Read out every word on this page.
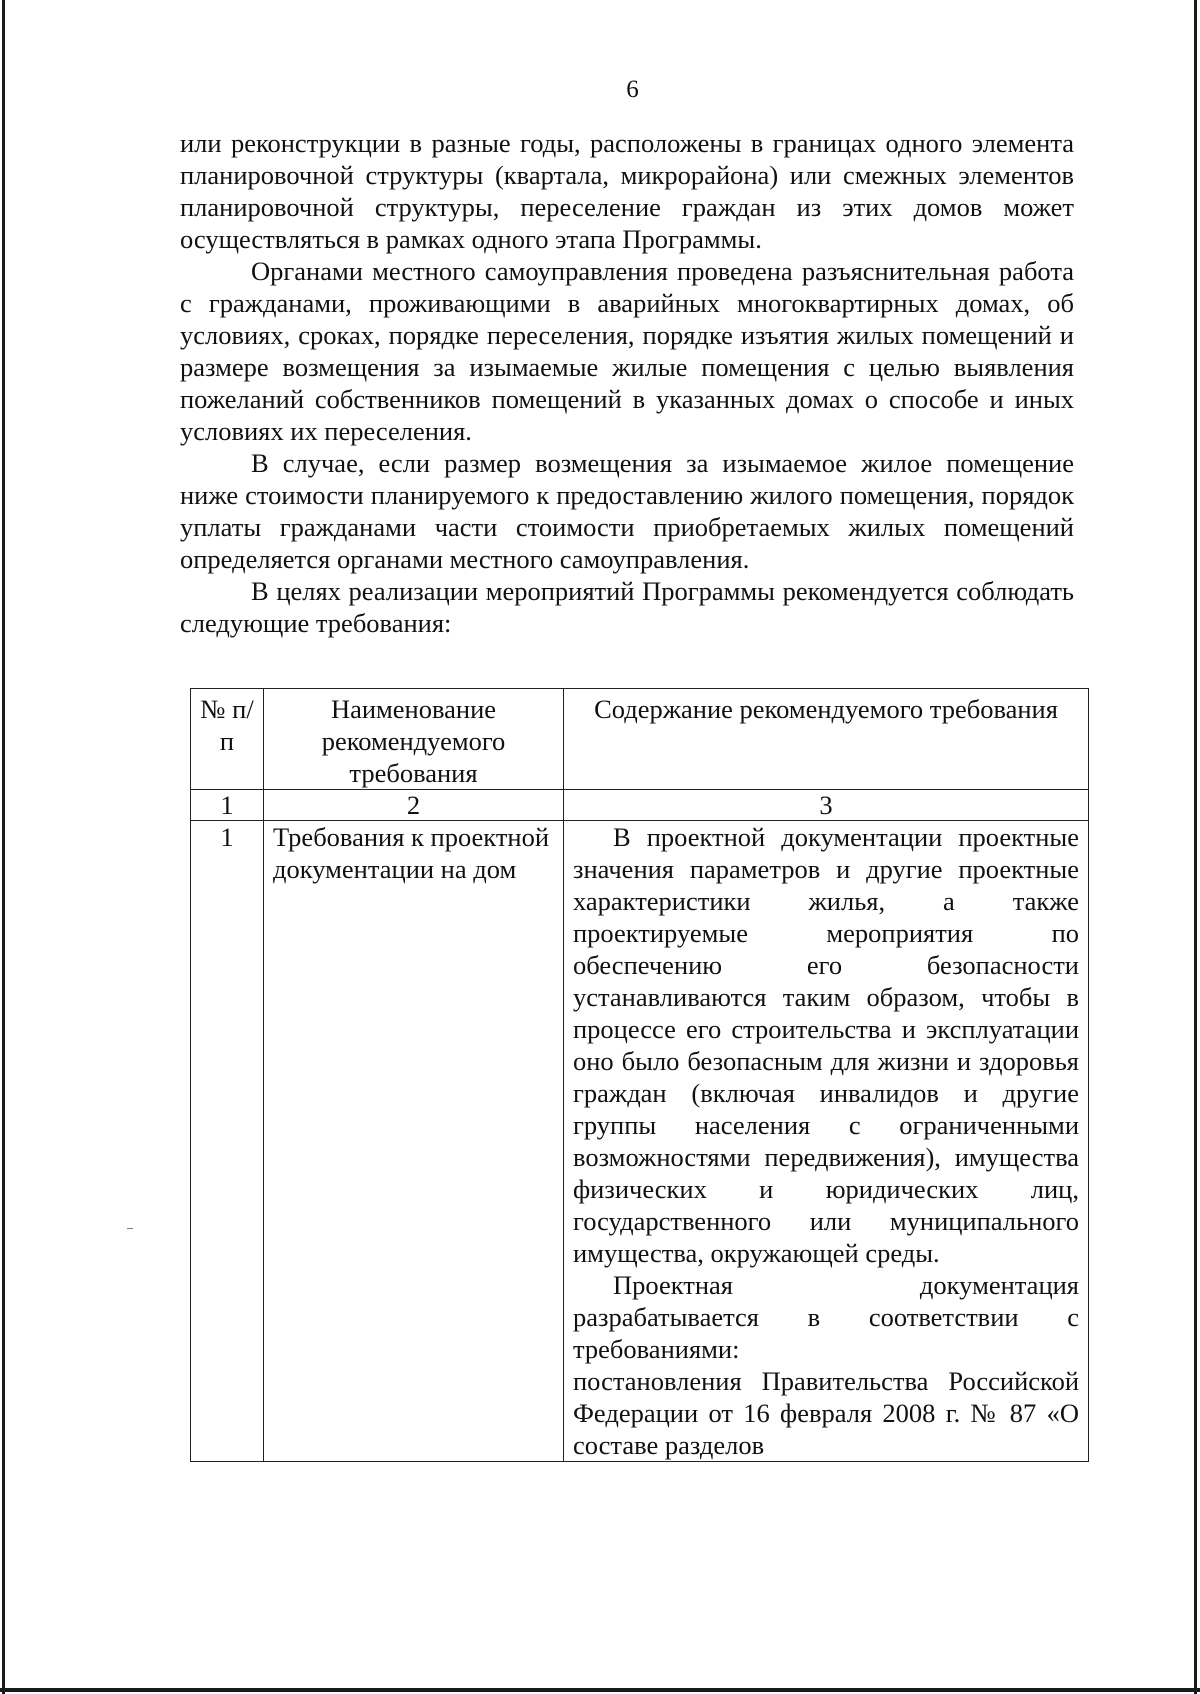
6

или реконструкции в разные годы, расположены в границах одного элемента планировочной структуры (квартала, микрорайона) или смежных элементов планировочной структуры, переселение граждан из этих домов может осуществляться в рамках одного этапа Программы.

Органами местного самоуправления проведена разъяснительная работа с гражданами, проживающими в аварийных многоквартирных домах, об условиях, сроках, порядке переселения, порядке изъятия жилых помещений и размере возмещения за изымаемые жилые помещения с целью выявления пожеланий собственников помещений в указанных домах о способе и иных условиях их переселения.

В случае, если размер возмещения за изымаемое жилое помещение ниже стоимости планируемого к предоставлению жилого помещения, порядок уплаты гражданами части стоимости приобретаемых жилых помещений определяется органами местного самоуправления.

В целях реализации мероприятий Программы рекомендуется соблюдать следующие требования:

№ п/п	Наименование рекомендуемого требования	Содержание рекомендуемого требования
1	2	3
1	Требования к проектной документации на дом	В проектной документации проектные значения параметров и другие проектные характеристики жилья, а также проектируемые мероприятия по обеспечению его безопасности устанавливаются таким образом, чтобы в процессе его строительства и эксплуатации оно было безопасным для жизни и здоровья граждан (включая инвалидов и другие группы населения с ограниченными возможностями передвижения), имущества физических и юридических лиц, государственного или муниципального имущества, окружающей среды.

Проектная документация разрабатывается в соответствии с требованиями:

постановления Правительства Российской Федерации от 16 февраля 2008 г. № 87 «О составе разделов
